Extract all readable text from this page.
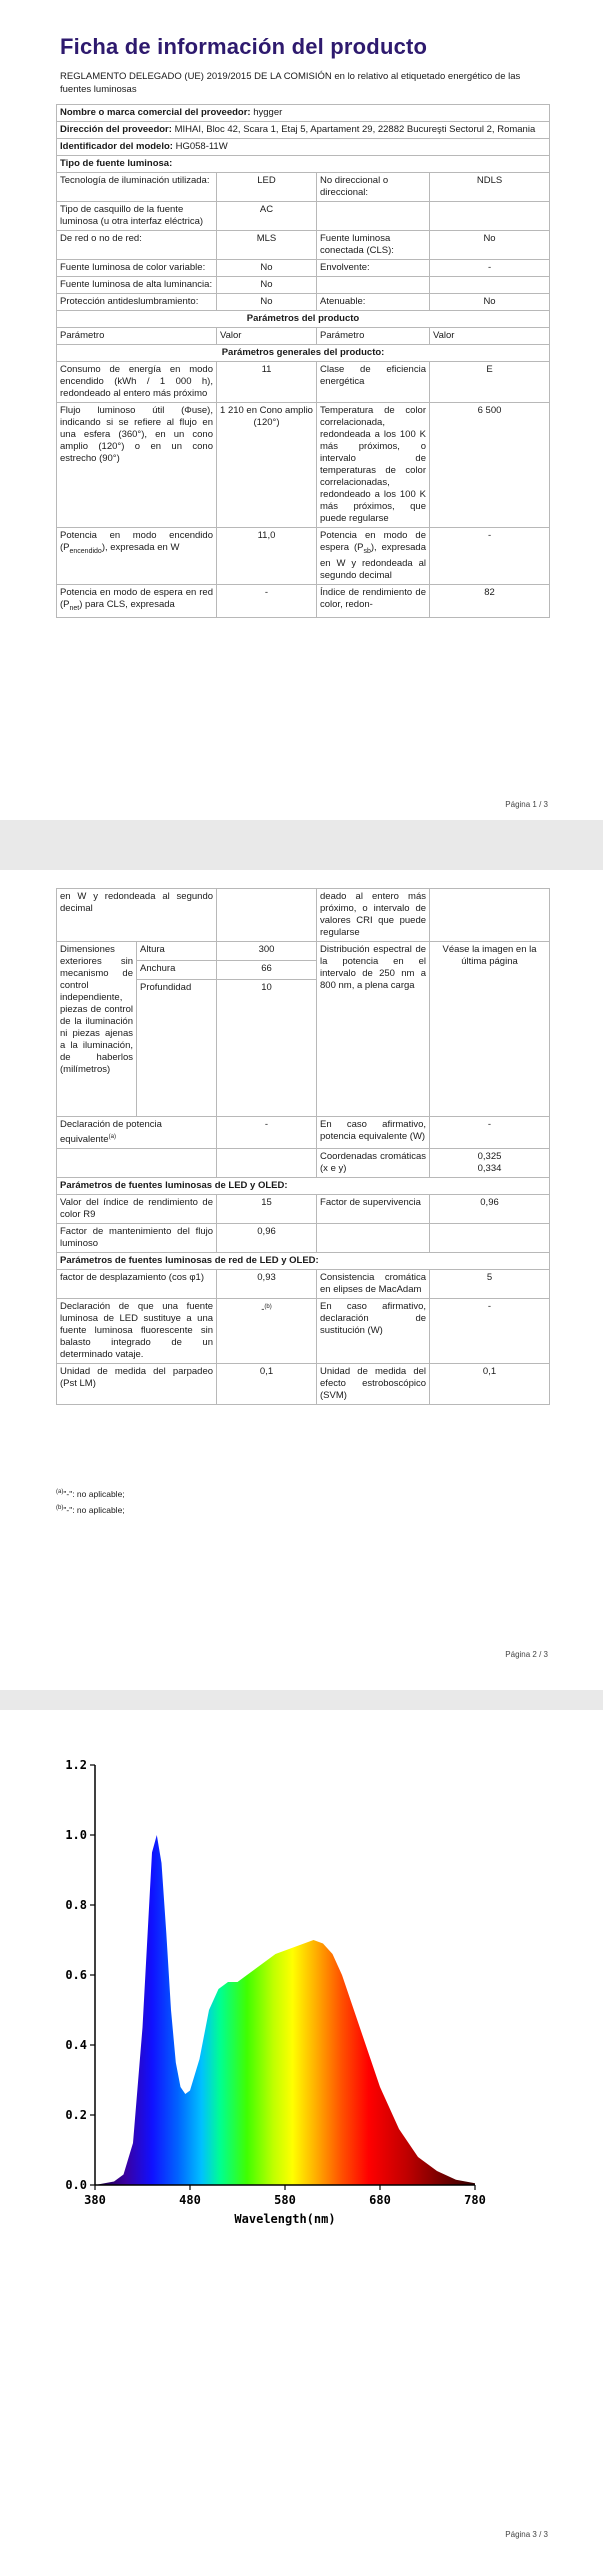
Ficha de información del producto
REGLAMENTO DELEGADO (UE) 2019/2015 DE LA COMISIÓN en lo relativo al etiquetado energético de las fuentes luminosas
Nombre o marca comercial del proveedor: hygger			
Dirección del proveedor: MIHAI, Bloc 42, Scara 1, Etaj 5, Apartament 29, 22882 Bucureşti Sectorul 2, Romania			
Identificador del modelo: HG058-11W			
Tipo de fuente luminosa:			
Tecnología de iluminación utilizada:	LED	No direccional o direccional:	NDLS
Tipo de casquillo de la fuente luminosa (u otra interfaz eléctrica)	AC		
De red o no de red:	MLS	Fuente luminosa conectada (CLS):	No
Fuente luminosa de color variable:	No	Envolvente:	-
Fuente luminosa de alta luminancia:	No		
Protección antideslumbramiento:	No	Atenuable:	No
Parámetros del producto			
Parámetro	Valor	Parámetro	Valor
Parámetros generales del producto:			
Consumo de energía en modo encendido (kWh / 1 000 h), redondeado al entero más próximo	11	Clase de eficiencia energética	E
Flujo luminoso útil (Φuse), indicando si se refiere al flujo en una esfera (360°), en un cono amplio (120°) o en un cono estrecho (90°)	1 210 en Cono amplio (120°)	Temperatura de color correlacionada, redondeada a los 100 K más próximos, o intervalo de temperaturas de color correlacionadas, redondeado a los 100 K más próximos, que puede regularse	6 500
Potencia en modo encendido $(P_{encendido})$, expresada en W	11,0	Potencia en modo de espera $(P_{sb})$, expresada en W y redondeada al segundo decimal	-
Potencia en modo de espera en red $(P_{net})$ para CLS, expresada	-	Índice de rendimiento de color, redon-	82
Página 1 / 3
en W y redondeada al segundo decimal			deado al entero más próximo, o intervalo de valores CRI que puede regularse	
Dimensiones exteriores sin mecanismo de control independiente, piezas de control de la iluminación ni piezas ajenas a la iluminación, de haberlos (milímetros)	Altura	300	Distribución espectral de la potencia en el intervalo de 250 nm a 800 nm, a plena carga	Véase la imagen en la última página
	Anchura	66		
	Profundidad	10		
Declaración de potencia equivalente$^{(a)}$		-	En caso afirmativo, potencia equivalente (W)	-
			Coordenadas cromáticas (x e y)	0,325
0,334

Parámetros de fuentes luminosas de LED y OLED:				
Valor del índice de rendimiento de color R9		15	Factor de supervivencia	0,96
Factor de mantenimiento del flujo luminoso		0,96		
Parámetros de fuentes luminosas de red de LED y OLED:				
factor de desplazamiento (cos φ1)		0,93	Consistencia cromática en elipses de MacAdam	5
Declaración de que una fuente luminosa de LED sustituye a una fuente luminosa fluorescente sin balasto integrado de un determinado vataje.		-$^{(b)}$	En caso afirmativo, declaración de sustitución (W)	-
Unidad de medida del parpadeo (Pst LM)		0,1	Unidad de medida del efecto estroboscópico (SVM)	0,1
$^{(a)}$"-": no aplicable;
$^{(b)}$"-": no aplicable;
Página 2 / 3
0.0
0.2
0.4
0.6
0.8
1.0
1.2
380	480	580	680	780
Wavelength(nm)
Página 3 / 3
